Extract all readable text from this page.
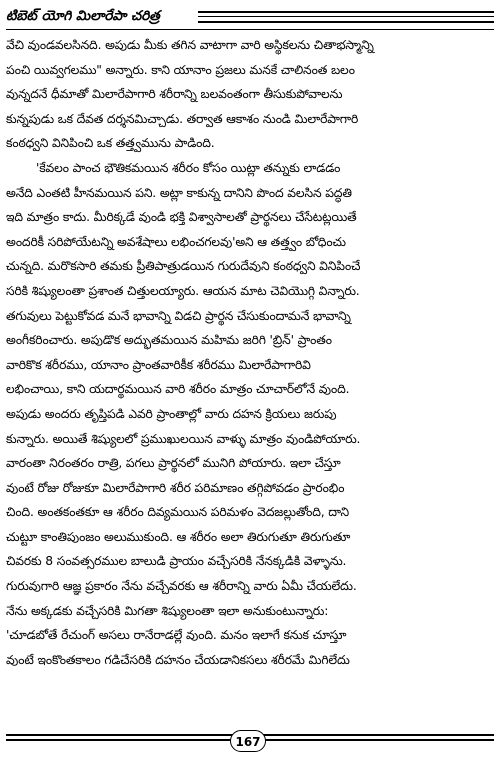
టిబెట్ యోగి మిలారేపా చరిత్ర
వేచి వుండవలసినది. అపుడు మీకు తగిన వాటాగా వారి అస్థికలను చితాభస్మాన్ని
పంచి యివ్వగలము" అన్నారు. కాని యానాం ప్రజలు మనకే చాలినంత బలం
వున్నదనే ధీమాతో మిలారేపాగారి శరీరాన్ని బలవంతంగా తీసుకుపోవాలను
కున్నపుడు ఒక దేవత దర్శనమిచ్చాడు. తర్వాత ఆకాశం నుండి మిలారేపాగారి
కంఠధ్వని వినిపించి ఒక తత్త్వమును పాడింది.
'కేవలం పాంచ భౌతికమయిన శరీరం కోసం యిట్లా తన్నుకు లాడడం
అనేది ఎంతటి హీనమయిన పని. అట్లా కాకున్న దానిని పొంద వలసిన పద్ధతి
ఇది మాత్రం కాదు. మీరిక్కడే వుండి భక్తి విశ్వాసాలతో ప్రార్థనలు చేసేటట్లయితే
అందరికీ సరిపోయేటన్ని అవశేషాలు లభించగలవు'అని ఆ తత్త్వం బోధించు
చున్నది. మరొకసారి తమకు ప్రీతిపాత్రుడయిన గురుదేవుని కంఠధ్వని వినిపించే
సరికి శిష్యులంతా ప్రశాంత చిత్తులయ్యారు. ఆయన మాట చెవియొగ్గి విన్నారు.
తగువులు పెట్టుకోవడ మనే భావాన్ని విడచి ప్రార్థన చేసుకుందామనే భావాన్ని
అంగీకరించారు. అపుడొక అద్భుతమయిన మహిమ జరిగి 'బ్రిన్' ప్రాంతం
వారికొక శరీరము, యానాం ప్రాంతవారికీక శరీరము మిలారేపాగారివి
లభించాయి, కాని యదార్థమయిన వారి శరీరం మాత్రం చూచార్‌లోనే వుంది.
అపుడు అందరు తృప్తిపడి ఎవరి ప్రాంతాల్లో వారు దహన క్రియలు జరుపు
కున్నారు. అయితే శిష్యులలో ప్రముఖులయిన వాళ్ళు మాత్రం వుండిపోయారు.
వారంతా నిరంతరం రాత్రి, పగలు ప్రార్థనలో మునిగి పోయారు. ఇలా చేస్తూ
వుంటే రోజు రోజుకూ మిలారేపాగారి శరీర పరిమాణం తగ్గిపోవడం ప్రారంభిం
చింది. అంతకంతకూ ఆ శరీరం దివ్యమయిన పరిమళం వెదజల్లుతోంది, దాని
చుట్టూ కాంతిపుంజం అలుముకుంది. ఆ శరీరం అలా తిరుగుతూ తిరుగుతూ
చివరకు 8 సంవత్సరముల బాలుడి ప్రాయం వచ్చేసరికి నేనక్కడికి వెళ్ళాను.
గురువుగారి ఆజ్ఞ ప్రకారం నేను వచ్చేవరకు ఆ శరీరాన్ని వారు ఏమీ చేయలేదు.
నేను అక్కడకు వచ్చేసరికి మిగతా శిష్యులంతా ఇలా అనుకుంటున్నారు:
'చూడబోతే రేచుంగ్ అసలు రానేరాడల్లే వుంది. మనం ఇలాగే కనుక చూస్తూ
వుంటే ఇంకొంతకాలం గడిచేసరికి దహనం చేయడానికసలు శరీరమే మిగిలేదు
167
